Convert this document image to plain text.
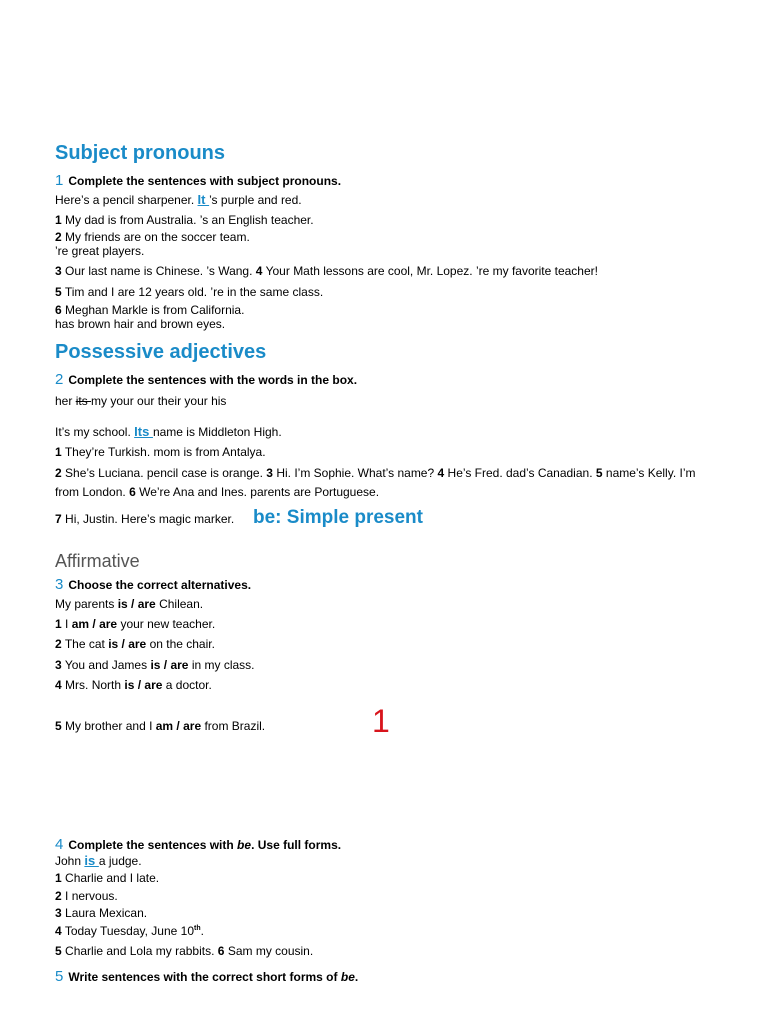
Subject pronouns
1 Complete the sentences with subject pronouns.
Here’s a pencil sharpener. It ’s purple and red.
1 My dad is from Australia. ’s an English teacher.
2 My friends are on the soccer team.
’re great players.
3 Our last name is Chinese. ’s Wang. 4 Your Math lessons are cool, Mr. Lopez. ’re my favorite teacher!
5 Tim and I are 12 years old. ’re in the same class.
6 Meghan Markle is from California.
has brown hair and brown eyes.
Possessive adjectives
2 Complete the sentences with the words in the box.
her its my your our their your his
It’s my school. Its name is Middleton High.
1 They’re Turkish. mom is from Antalya.
2 She’s Luciana. pencil case is orange. 3 Hi. I’m Sophie. What’s name? 4 He’s Fred. dad’s Canadian. 5 name’s Kelly. I’m
from London. 6 We’re Ana and Ines. parents are Portuguese.
7 Hi, Justin. Here’s magic marker. be: Simple present
Affirmative
3 Choose the correct alternatives.
My parents is / are Chilean.
1 I am / are your new teacher.
2 The cat is / are on the chair.
3 You and James is / are in my class.
4 Mrs. North is / are a doctor.
5 My brother and I am / are from Brazil.	1
4 Complete the sentences with be. Use full forms.
John is a judge.
1 Charlie and I late.
2 I nervous.
3 Laura Mexican.
4 Today Tuesday, June 10th.
5 Charlie and Lola my rabbits. 6 Sam my cousin.
5 Write sentences with the correct short forms of be.
